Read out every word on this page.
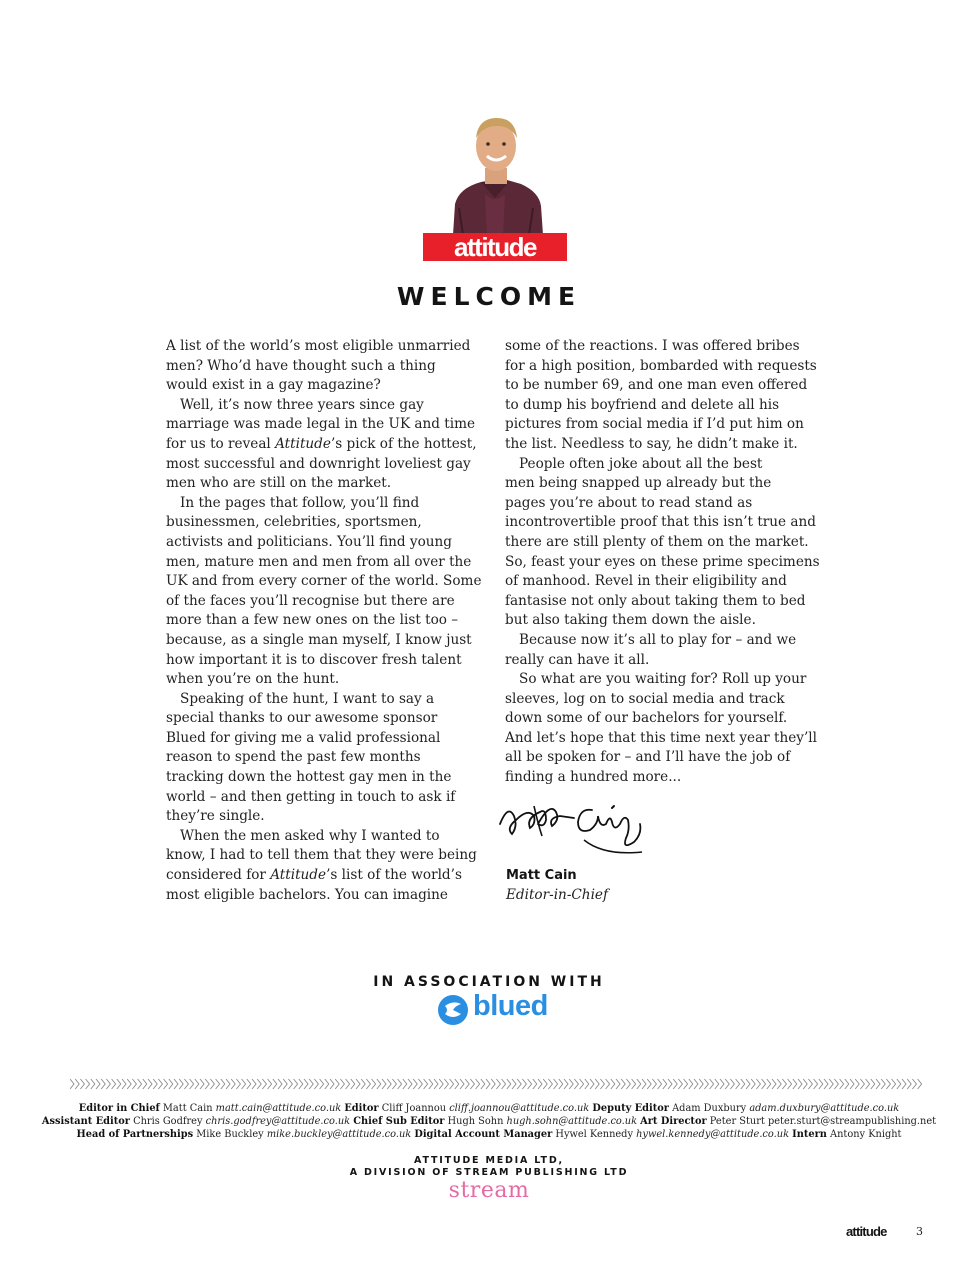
attitude
WELCOME

A list of the world’s most eligible unmarried

men? Who’d have thought such a thing

would exist in a gay magazine?

Well, it’s now three years since gay

marriage was made legal in the UK and time

for us to reveal Attitude’s pick of the hottest,

most successful and downright loveliest gay

men who are still on the market.

In the pages that follow, you’ll find

businessmen, celebrities, sportsmen,

activists and politicians. You’ll find young

men, mature men and men from all over the

UK and from every corner of the world. Some

of the faces you’ll recognise but there are

more than a few new ones on the list too –

because, as a single man myself, I know just

how important it is to discover fresh talent

when you’re on the hunt.

Speaking of the hunt, I want to say a

special thanks to our awesome sponsor

Blued for giving me a valid professional

reason to spend the past few months

tracking down the hottest gay men in the

world – and then getting in touch to ask if

they’re single.

When the men asked why I wanted to

know, I had to tell them that they were being

considered for Attitude’s list of the world’s

most eligible bachelors. You can imagine

some of the reactions. I was offered bribes

for a high position, bombarded with requests

to be number 69, and one man even offered

to dump his boyfriend and delete all his

pictures from social media if I’d put him on

the list. Needless to say, he didn’t make it.

People often joke about all the best

men being snapped up already but the

pages you’re about to read stand as

incontrovertible proof that this isn’t true and

there are still plenty of them on the market.

So, feast your eyes on these prime specimens

of manhood. Revel in their eligibility and

fantasise not only about taking them to bed

but also taking them down the aisle.

Because now it’s all to play for – and we

really can have it all.

So what are you waiting for? Roll up your

sleeves, log on to social media and track

down some of our bachelors for yourself.

And let’s hope that this time next year they’ll

all be spoken for – and I’ll have the job of

finding a hundred more...

Matt Cain
Editor-in-Chief
IN ASSOCIATION WITH
blued
Editor in Chief Matt Cain matt.cain@attitude.co.uk Editor Cliff Joannou cliff.joannou@attitude.co.uk Deputy Editor Adam Duxbury adam.duxbury@attitude.co.uk
Assistant Editor Chris Godfrey chris.godfrey@attitude.co.uk Chief Sub Editor Hugh Sohn hugh.sohn@attitude.co.uk Art Director Peter Sturt peter.sturt@streampublishing.net
Head of Partnerships Mike Buckley mike.buckley@attitude.co.uk Digital Account Manager Hywel Kennedy hywel.kennedy@attitude.co.uk Intern Antony Knight
ATTITUDE MEDIA LTD,
A DIVISION OF STREAM PUBLISHING LTD
stream
attitude	3
